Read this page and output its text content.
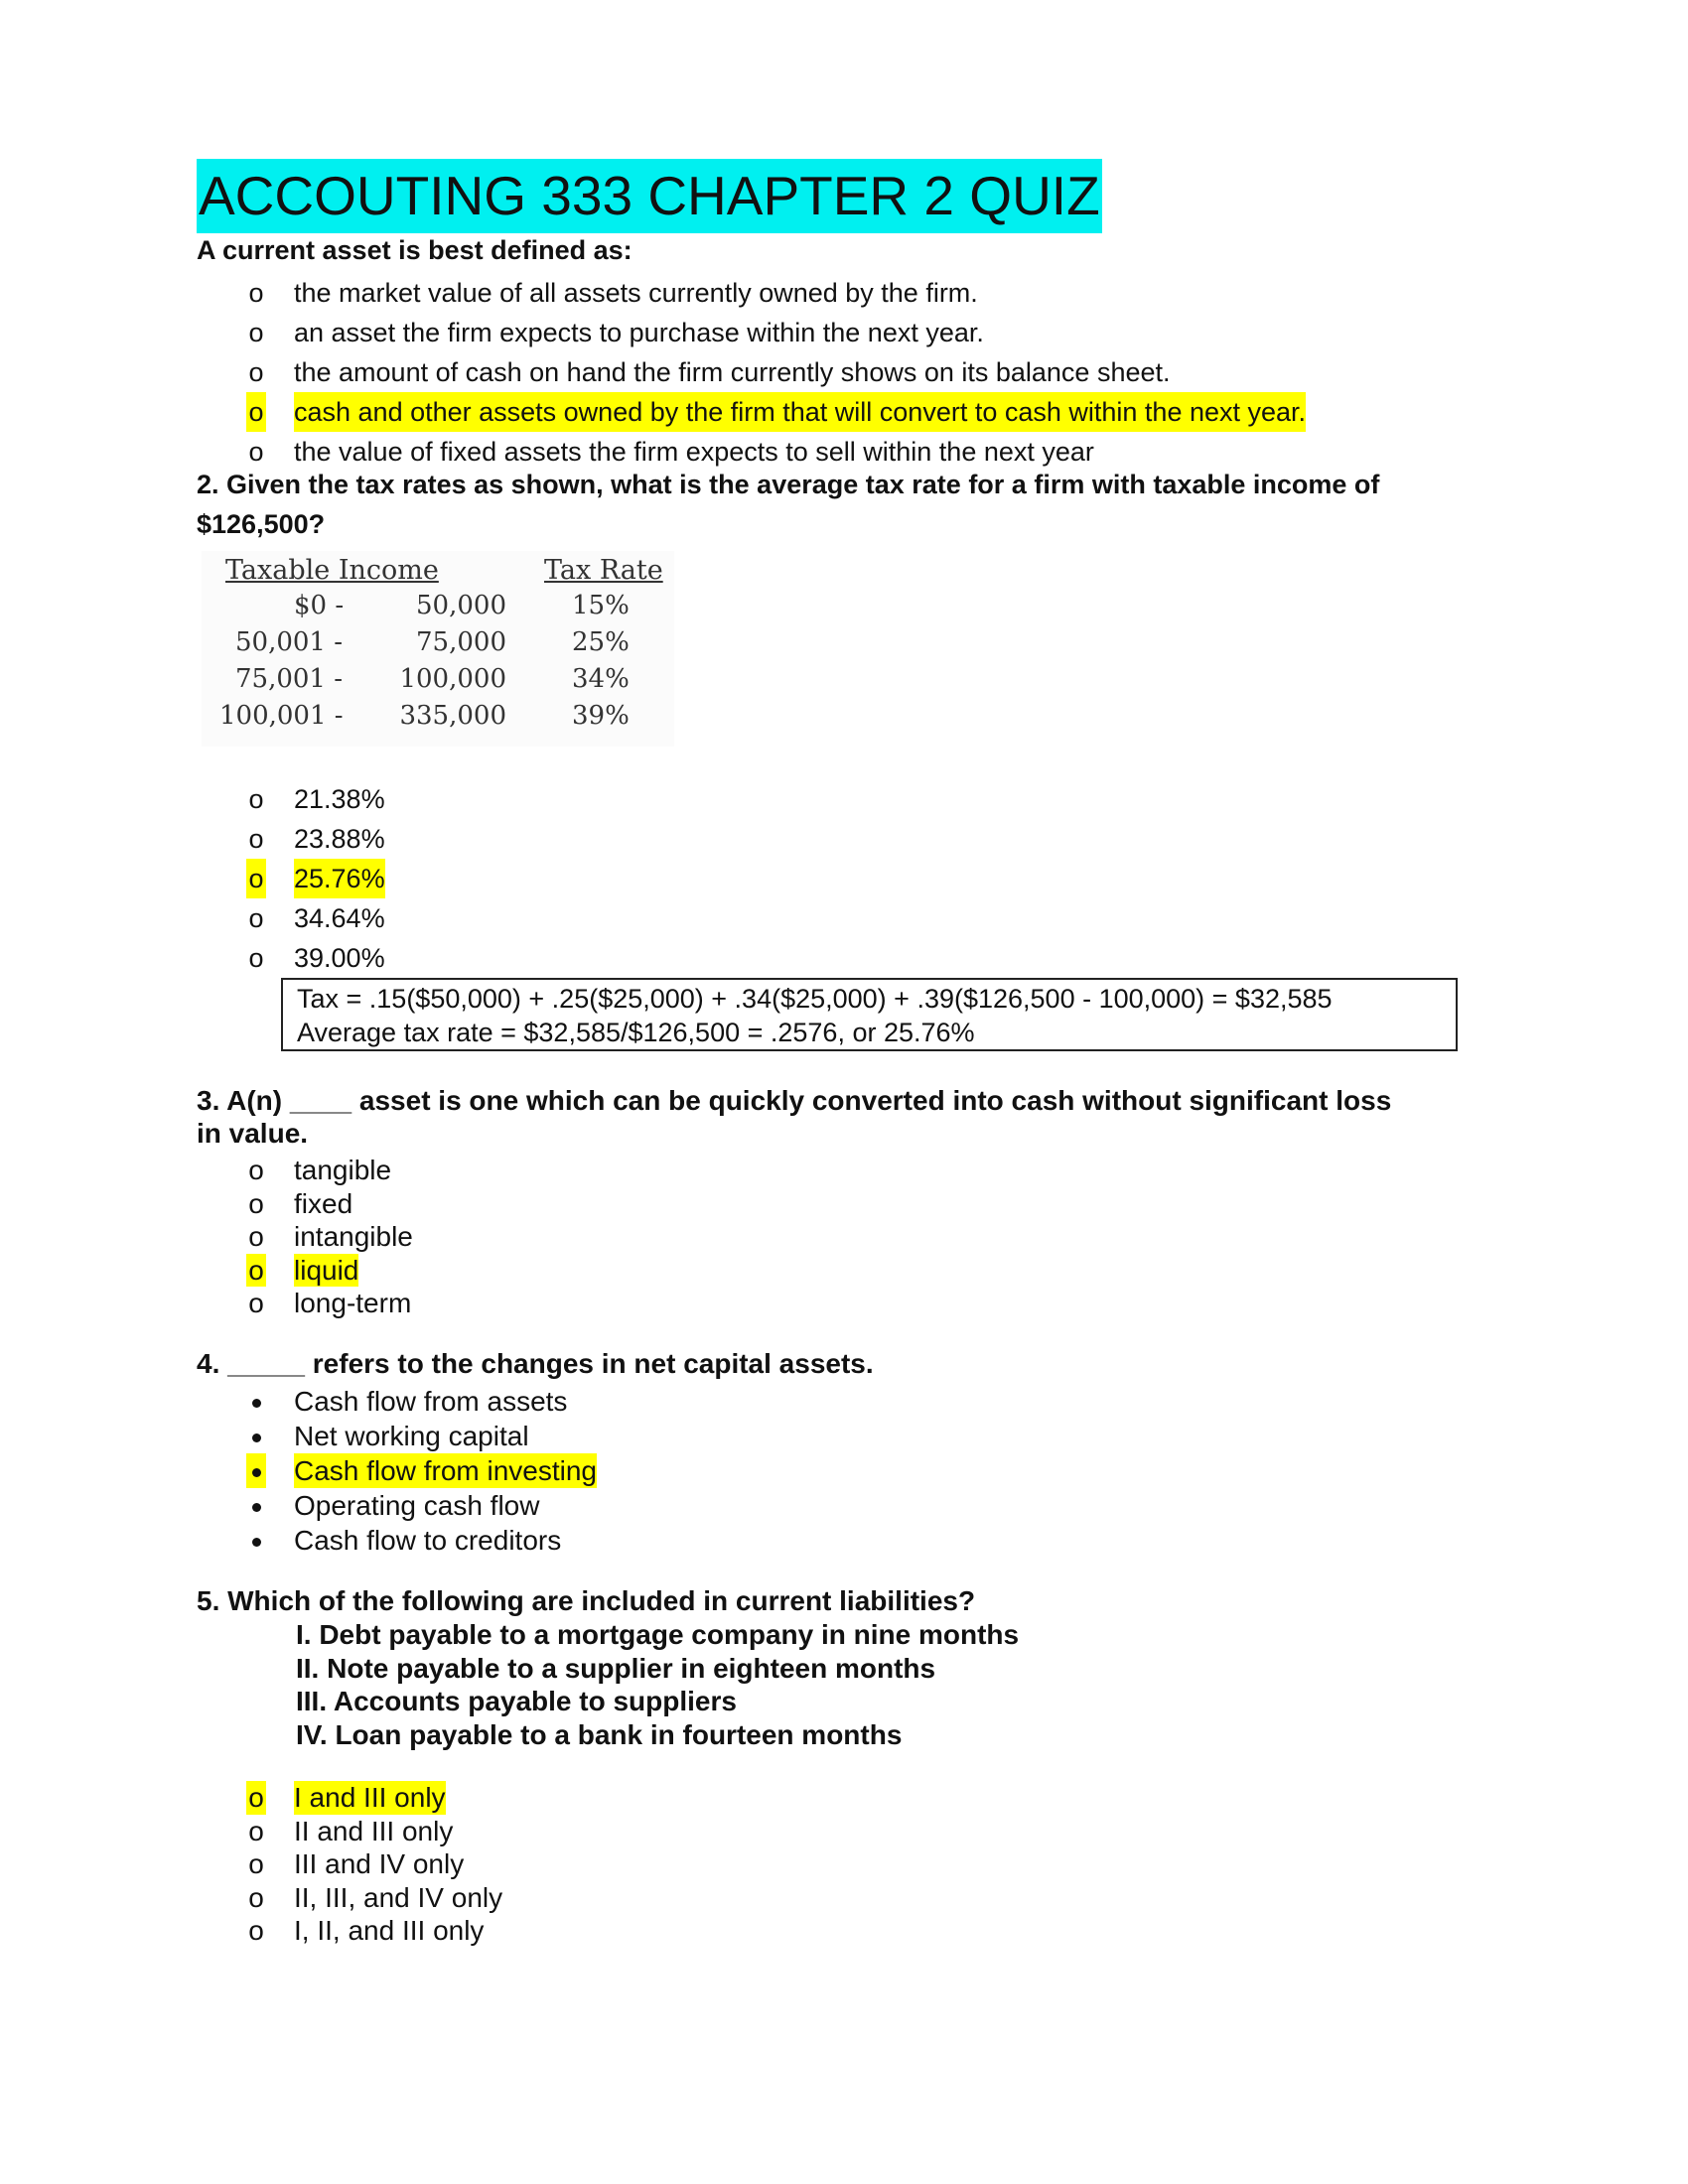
ACCOUTING 333 CHAPTER 2 QUIZ
A current asset is best defined as:
o the market value of all assets currently owned by the firm.
o an asset the firm expects to purchase within the next year.
o the amount of cash on hand the firm currently shows on its balance sheet.
o cash and other assets owned by the firm that will convert to cash within the next year.
o the value of fixed assets the firm expects to sell within the next year
2. Given the tax rates as shown, what is the average tax rate for a firm with taxable income of
$126,500?
Taxable Income	Tax Rate
$0 -	50,000	15%
50,001 -	75,000	25%
75,001 -	100,000	34%
100,001 -	335,000	39%
o 21.38%
o 23.88%
o 25.76%
o 34.64%
o 39.00%
Tax = .15($50,000) + .25($25,000) + .34($25,000) + .39($126,500 - 100,000) = $32,585
Average tax rate = $32,585/$126,500 = .2576, or 25.76%
3. A(n) ____ asset is one which can be quickly converted into cash without significant loss
in value.
o tangible
o fixed
o intangible
o liquid
o long-term
4. _____ refers to the changes in net capital assets.
Cash flow from assets
Net working capital
Cash flow from investing
Operating cash flow
Cash flow to creditors
5. Which of the following are included in current liabilities?
I. Debt payable to a mortgage company in nine months
II. Note payable to a supplier in eighteen months
III. Accounts payable to suppliers
IV. Loan payable to a bank in fourteen months
o I and III only
o II and III only
o III and IV only
o II, III, and IV only
o I, II, and III only
